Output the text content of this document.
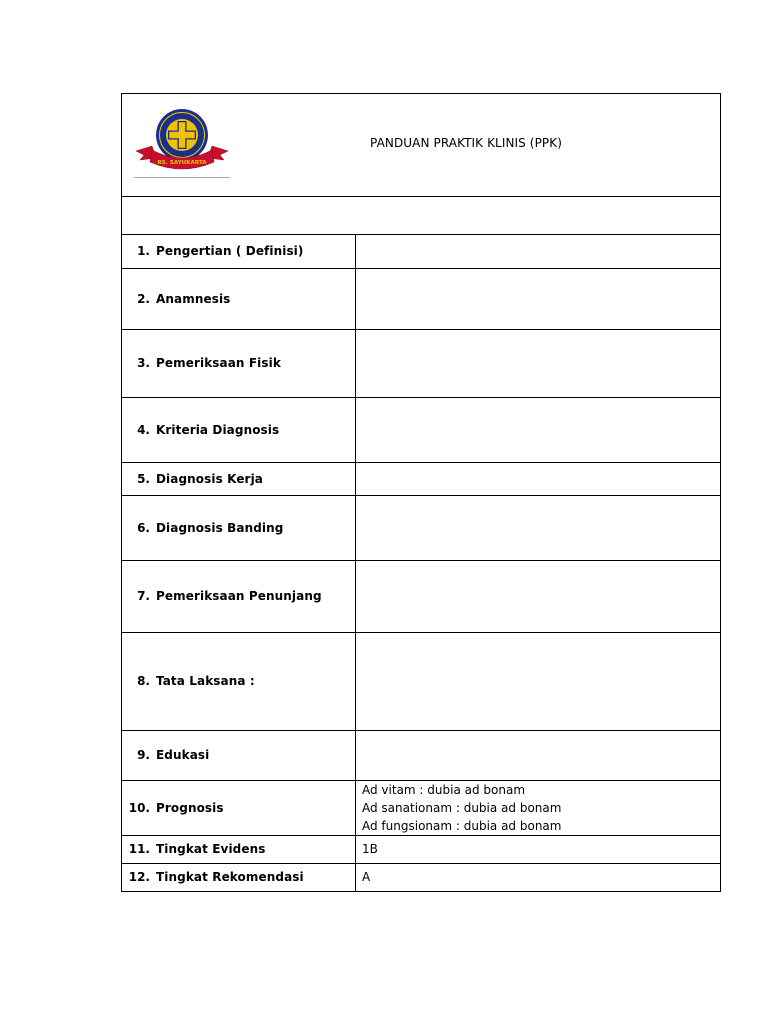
RS. SAYUKARTA
PANDUAN PRAKTIK KLINIS (PPK)
1. Pengertian ( Definisi)	
2. Anamnesis	
3. Pemeriksaan Fisik	
4. Kriteria Diagnosis	
5. Diagnosis Kerja	
6. Diagnosis Banding	
7. Pemeriksaan Penunjang	
8. Tata Laksana :	
9. Edukasi	
10. Prognosis	Ad vitam : dubia ad bonam
Ad sanationam : dubia ad bonam
Ad fungsionam : dubia ad bonam

11. Tingkat Evidens	1B

12. Tingkat Rekomendasi	A
